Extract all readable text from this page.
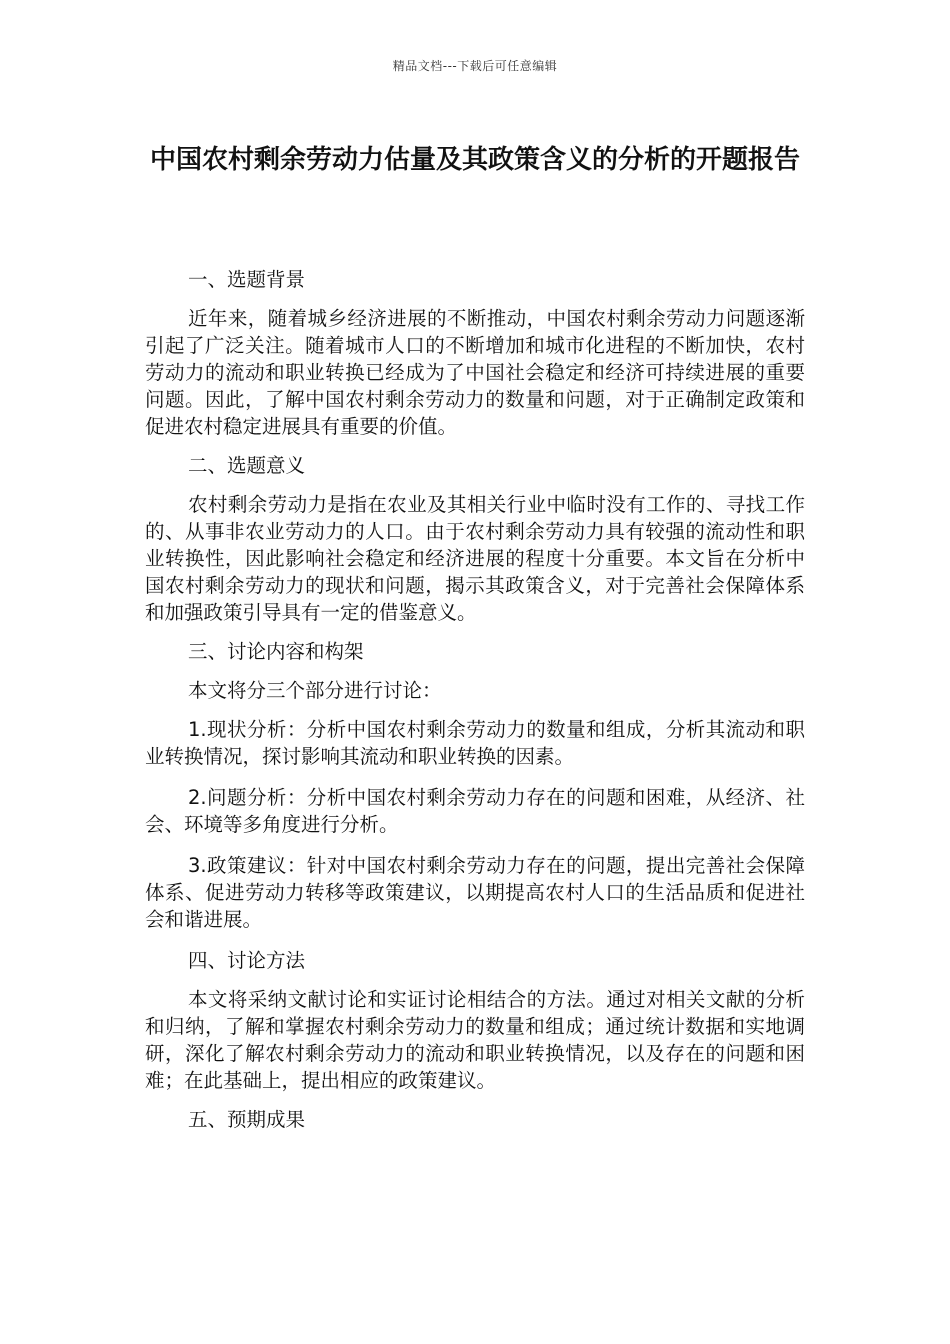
精品文档---下载后可任意编辑
中国农村剩余劳动力估量及其政策含义的分析的开题报告

一、选题背景

近年来，随着城乡经济进展的不断推动，中国农村剩余劳动力问题逐渐引起了广泛关注。随着城市人口的不断增加和城市化进程的不断加快，农村劳动力的流动和职业转换已经成为了中国社会稳定和经济可持续进展的重要问题。因此，了解中国农村剩余劳动力的数量和问题，对于正确制定政策和促进农村稳定进展具有重要的价值。

二、选题意义

农村剩余劳动力是指在农业及其相关行业中临时没有工作的、寻找工作的、从事非农业劳动力的人口。由于农村剩余劳动力具有较强的流动性和职业转换性，因此影响社会稳定和经济进展的程度十分重要。本文旨在分析中国农村剩余劳动力的现状和问题，揭示其政策含义，对于完善社会保障体系和加强政策引导具有一定的借鉴意义。

三、讨论内容和构架

本文将分三个部分进行讨论：

1.现状分析：分析中国农村剩余劳动力的数量和组成，分析其流动和职业转换情况，探讨影响其流动和职业转换的因素。

2.问题分析：分析中国农村剩余劳动力存在的问题和困难，从经济、社会、环境等多角度进行分析。

3.政策建议：针对中国农村剩余劳动力存在的问题，提出完善社会保障体系、促进劳动力转移等政策建议，以期提高农村人口的生活品质和促进社会和谐进展。

四、讨论方法

本文将采纳文献讨论和实证讨论相结合的方法。通过对相关文献的分析和归纳，了解和掌握农村剩余劳动力的数量和组成；通过统计数据和实地调研，深化了解农村剩余劳动力的流动和职业转换情况，以及存在的问题和困难；在此基础上，提出相应的政策建议。

五、预期成果
